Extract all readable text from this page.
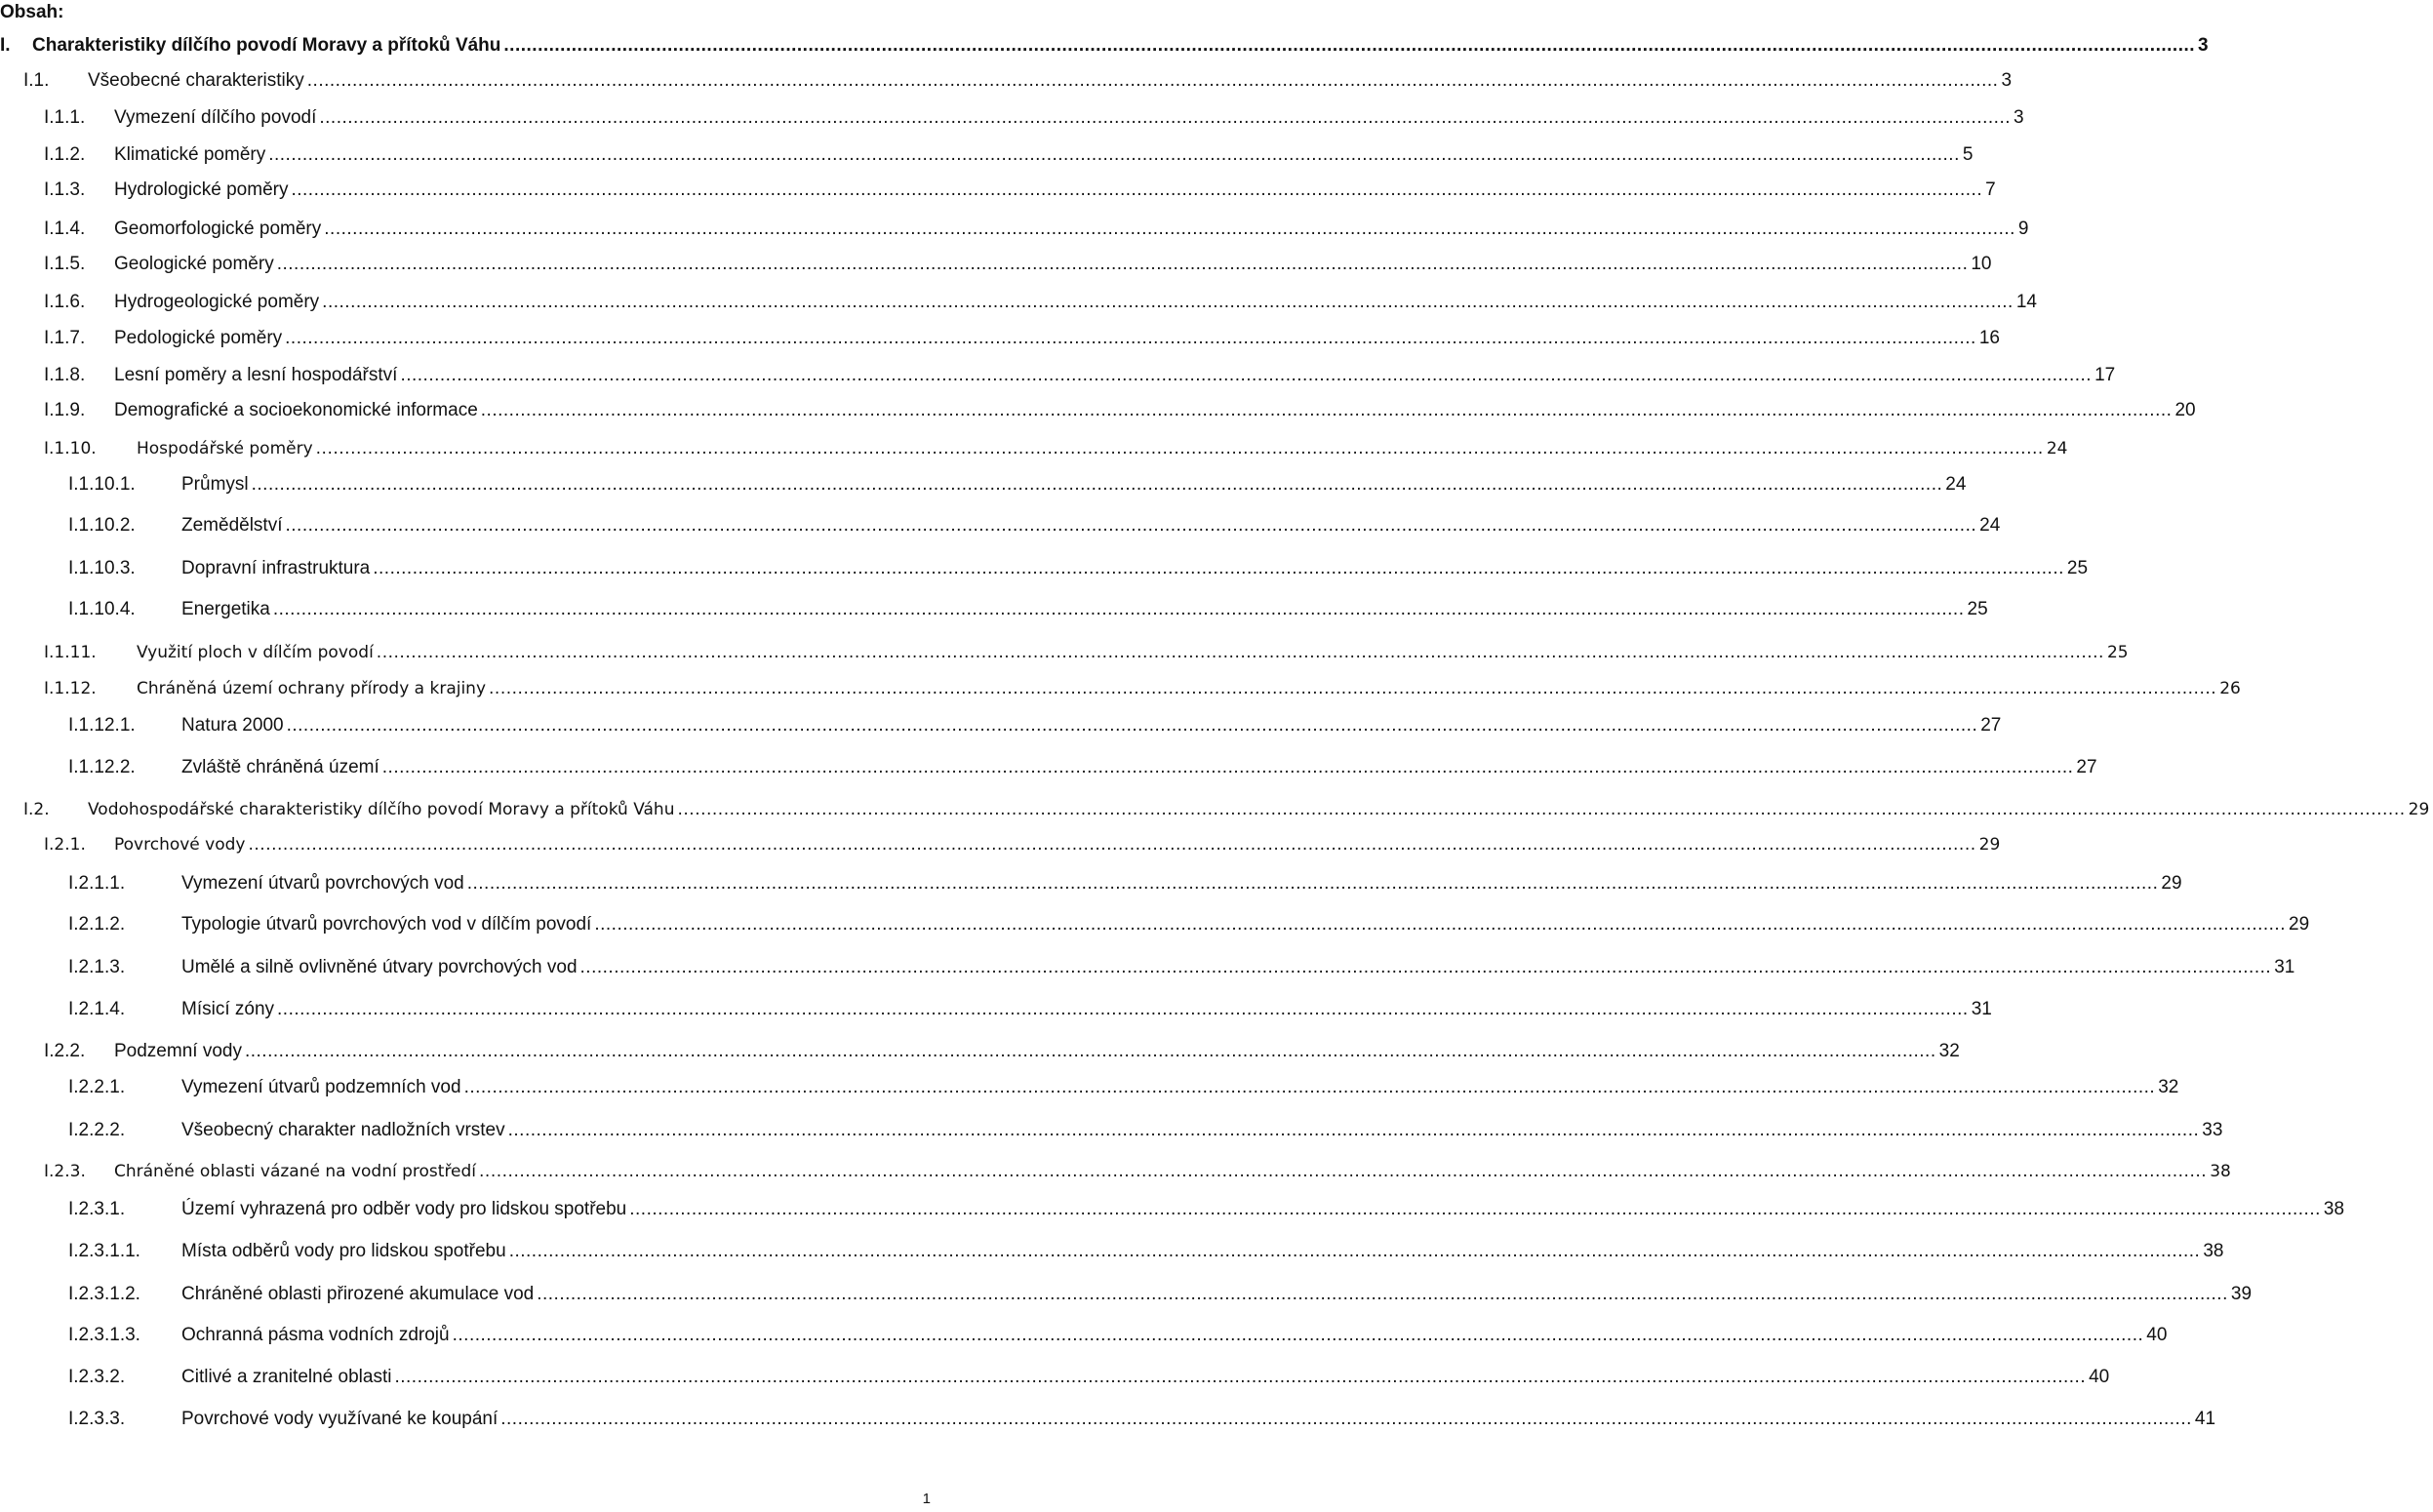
Obsah:
I.	Charakteristiky dílčího povodí Moravy a přítoků Váhu ............................................................................................................................................................................................................................................................................................................ 3
I.1.	Všeobecné charakteristiky ............................................................................................................................................................................................................................................................................................................ 3
I.1.1.	Vymezení dílčího povodí ............................................................................................................................................................................................................................................................................................................ 3
I.1.2.	Klimatické poměry ............................................................................................................................................................................................................................................................................................................ 5
I.1.3.	Hydrologické poměry ............................................................................................................................................................................................................................................................................................................ 7
I.1.4.	Geomorfologické poměry ............................................................................................................................................................................................................................................................................................................ 9
I.1.5.	Geologické poměry ............................................................................................................................................................................................................................................................................................................ 10
I.1.6.	Hydrogeologické poměry ............................................................................................................................................................................................................................................................................................................ 14
I.1.7.	Pedologické poměry ............................................................................................................................................................................................................................................................................................................ 16
I.1.8.	Lesní poměry a lesní hospodářství ............................................................................................................................................................................................................................................................................................................ 17
I.1.9.	Demografické a socioekonomické informace ............................................................................................................................................................................................................................................................................................................ 20
I.1.10.	Hospodářské poměry ............................................................................................................................................................................................................................................................................................................ 24
I.1.10.1.	Průmysl ............................................................................................................................................................................................................................................................................................................ 24
I.1.10.2.	Zemědělství ............................................................................................................................................................................................................................................................................................................ 24
I.1.10.3.	Dopravní infrastruktura ............................................................................................................................................................................................................................................................................................................ 25
I.1.10.4.	Energetika ............................................................................................................................................................................................................................................................................................................ 25
I.1.11.	Využití ploch v dílčím povodí ............................................................................................................................................................................................................................................................................................................ 25
I.1.12.	Chráněná území ochrany přírody a krajiny ............................................................................................................................................................................................................................................................................................................ 26
I.1.12.1.	Natura 2000 ............................................................................................................................................................................................................................................................................................................ 27
I.1.12.2.	Zvláště chráněná území ............................................................................................................................................................................................................................................................................................................ 27
I.2.	Vodohospodářské charakteristiky dílčího povodí Moravy a přítoků Váhu ............................................................................................................................................................................................................................................................................................................ 29
I.2.1.	Povrchové vody ............................................................................................................................................................................................................................................................................................................ 29
I.2.1.1.	Vymezení útvarů povrchových vod ............................................................................................................................................................................................................................................................................................................ 29
I.2.1.2.	Typologie útvarů povrchových vod v dílčím povodí ............................................................................................................................................................................................................................................................................................................ 29
I.2.1.3.	Umělé a silně ovlivněné útvary povrchových vod ............................................................................................................................................................................................................................................................................................................ 31
I.2.1.4.	Mísicí zóny ............................................................................................................................................................................................................................................................................................................ 31
I.2.2.	Podzemní vody ............................................................................................................................................................................................................................................................................................................ 32
I.2.2.1.	Vymezení útvarů podzemních vod ............................................................................................................................................................................................................................................................................................................ 32
I.2.2.2.	Všeobecný charakter nadložních vrstev ............................................................................................................................................................................................................................................................................................................ 33
I.2.3.	Chráněné oblasti vázané na vodní prostředí ............................................................................................................................................................................................................................................................................................................ 38
I.2.3.1.	Území vyhrazená pro odběr vody pro lidskou spotřebu ............................................................................................................................................................................................................................................................................................................ 38
I.2.3.1.1.	Místa odběrů vody pro lidskou spotřebu ............................................................................................................................................................................................................................................................................................................ 38
I.2.3.1.2.	Chráněné oblasti přirozené akumulace vod ............................................................................................................................................................................................................................................................................................................ 39
I.2.3.1.3.	Ochranná pásma vodních zdrojů ............................................................................................................................................................................................................................................................................................................ 40
I.2.3.2.	Citlivé a zranitelné oblasti ............................................................................................................................................................................................................................................................................................................ 40
I.2.3.3.	Povrchové vody využívané ke koupání ............................................................................................................................................................................................................................................................................................................ 41
1
